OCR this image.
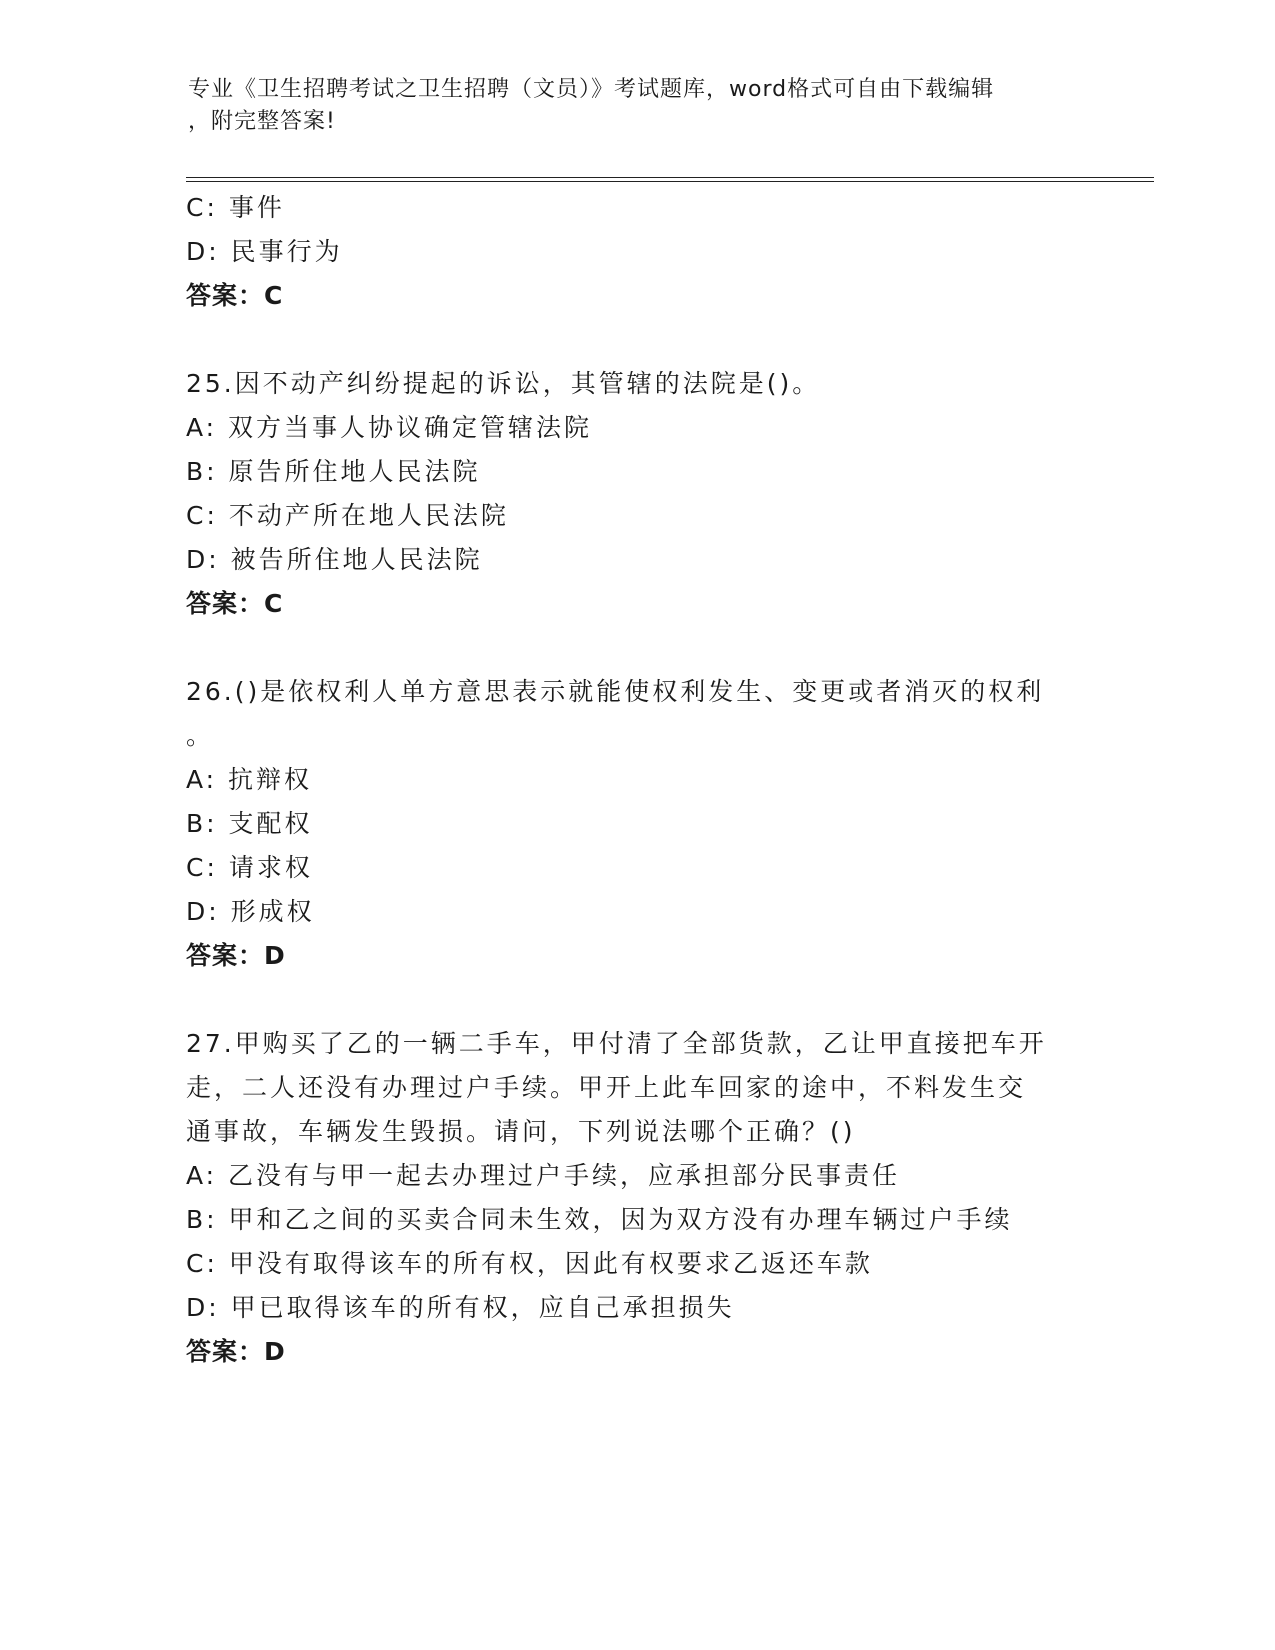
专业《卫生招聘考试之卫生招聘（文员）》考试题库，word格式可自由下载编辑
，附完整答案!
C: 事件
D: 民事行为
答案：C
25.因不动产纠纷提起的诉讼，其管辖的法院是()。
A: 双方当事人协议确定管辖法院
B: 原告所住地人民法院
C: 不动产所在地人民法院
D: 被告所住地人民法院
答案：C
26.()是依权利人单方意思表示就能使权利发生、变更或者消灭的权利
。
A: 抗辩权
B: 支配权
C: 请求权
D: 形成权
答案：D
27.甲购买了乙的一辆二手车，甲付清了全部货款，乙让甲直接把车开
走，二人还没有办理过户手续。甲开上此车回家的途中，不料发生交
通事故，车辆发生毁损。请问，下列说法哪个正确？()
A: 乙没有与甲一起去办理过户手续，应承担部分民事责任
B: 甲和乙之间的买卖合同未生效，因为双方没有办理车辆过户手续
C: 甲没有取得该车的所有权，因此有权要求乙返还车款
D: 甲已取得该车的所有权，应自己承担损失
答案：D
